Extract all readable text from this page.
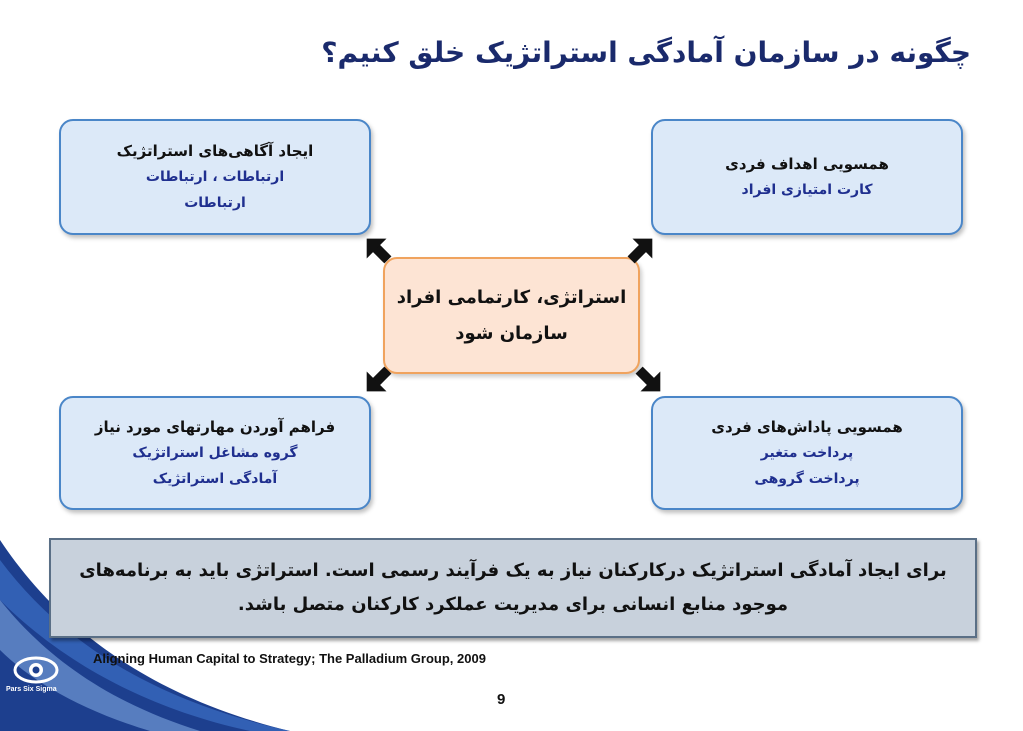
Pars Six Sigma
چگونه در سازمان آمادگی استراتژیک خلق کنیم؟
ایجاد آگاهی‌های استراتژیک
ارتباطات ، ارتباطات
ارتباطات
همسویی اهداف فردی
کارت امتیازی افراد
فراهم آوردن مهارتهای مورد نیاز
گروه مشاغل استراتژیک
آمادگی استراتژیک
همسویی پاداش‌های فردی
پرداخت متغیر
پرداخت گروهی
استراتژی، کارتمامی افراد
سازمان شود
برای ایجاد آمادگی استراتژیک درکارکنان نیاز به یک فرآیند رسمی است. استراتژی باید به برنامه‌های
موجود منابع انسانی برای مدیریت عملکرد کارکنان متصل باشد.
Aligning Human Capital to Strategy; The Palladium Group, 2009
9
